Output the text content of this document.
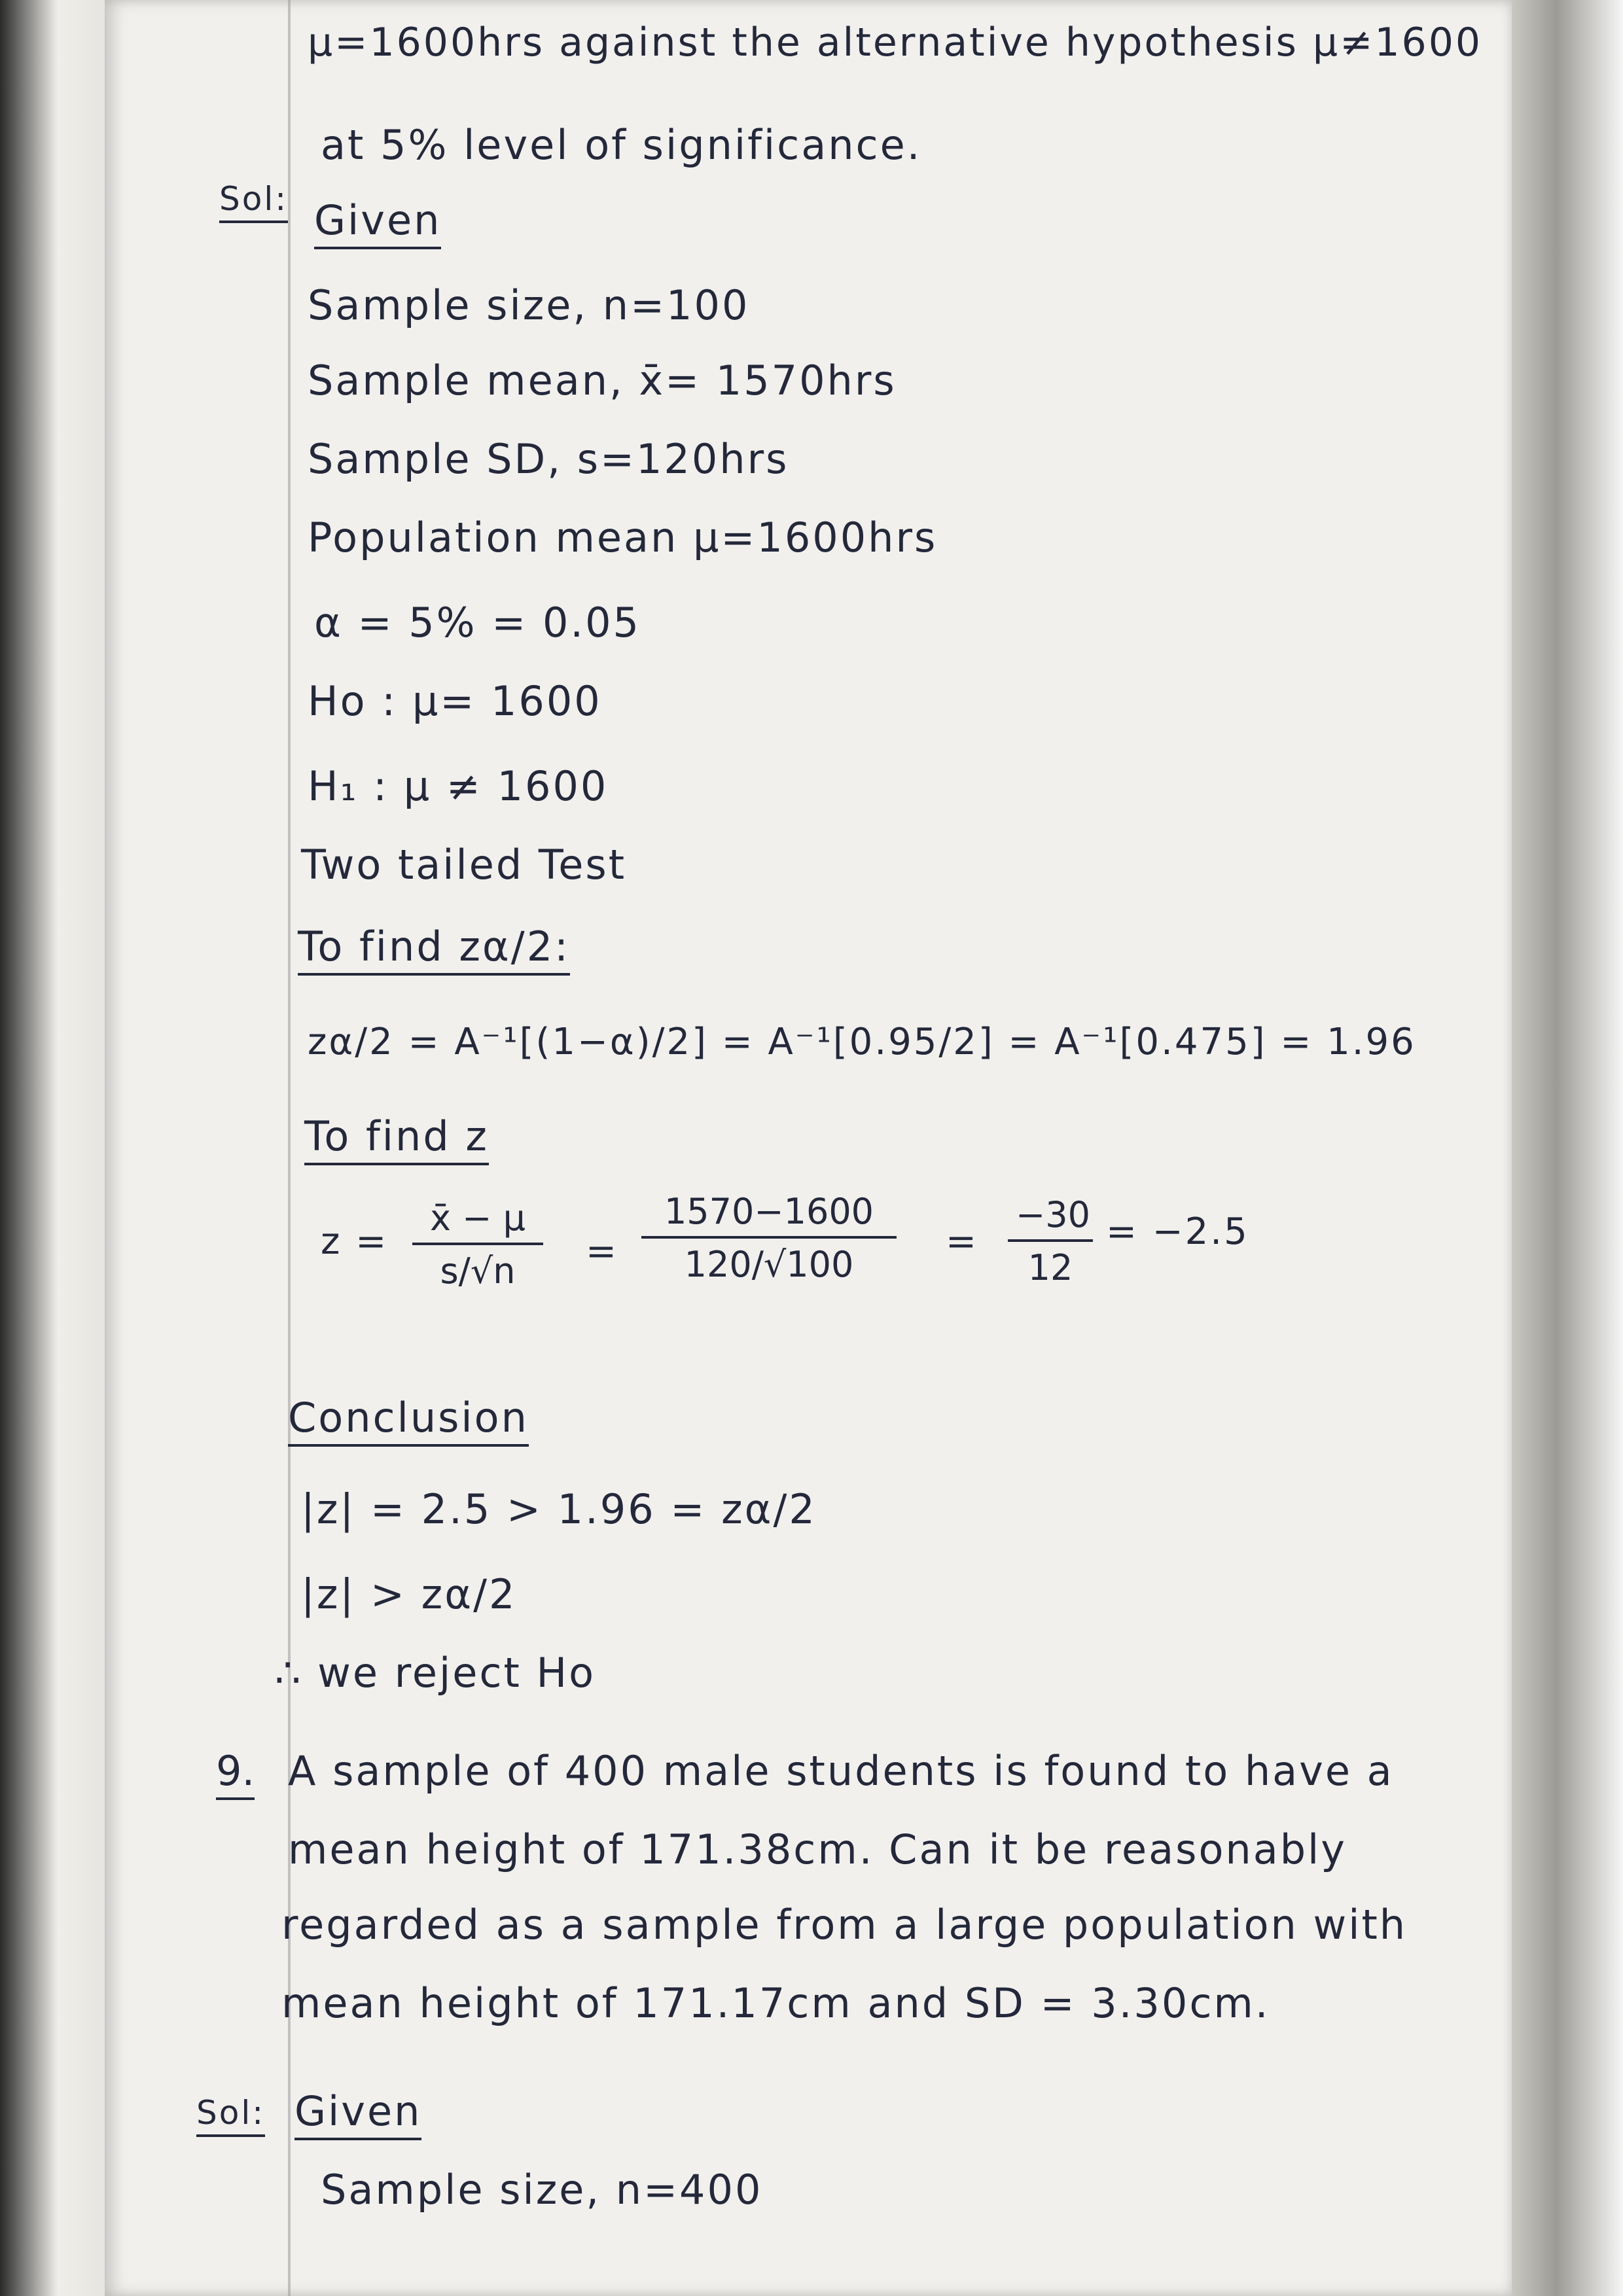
μ=1600hrs against the alternative hypothesis μ≠1600
at 5% level of significance.
Sol: Given
Sample size, n=100
Sample mean, x̄= 1570hrs
Sample SD, s=120hrs
Population mean μ=1600hrs
α = 5% = 0.05
Ho : μ= 1600
H₁ : μ ≠ 1600
Two tailed Test
To find zα/2:
zα/2 = A⁻¹[(1−α)/2] = A⁻¹[0.95/2] = A⁻¹[0.475] = 1.96
To find z
$z = \frac{x̄ - \mu}{s/√n} = \frac{1570-1600}{120/√100} = \frac{-30}{12} = -2.5$
Conclusion
|z| = 2.5 > 1.96 = zα/2
|z| > zα/2
∴ we reject Ho
9. A sample of 400 male students is found to have a
mean height of 171.38cm. Can it be reasonably
regarded as a sample from a large population with
mean height of 171.17cm and SD = 3.30cm.
Sol: Given
Sample size, n=400
